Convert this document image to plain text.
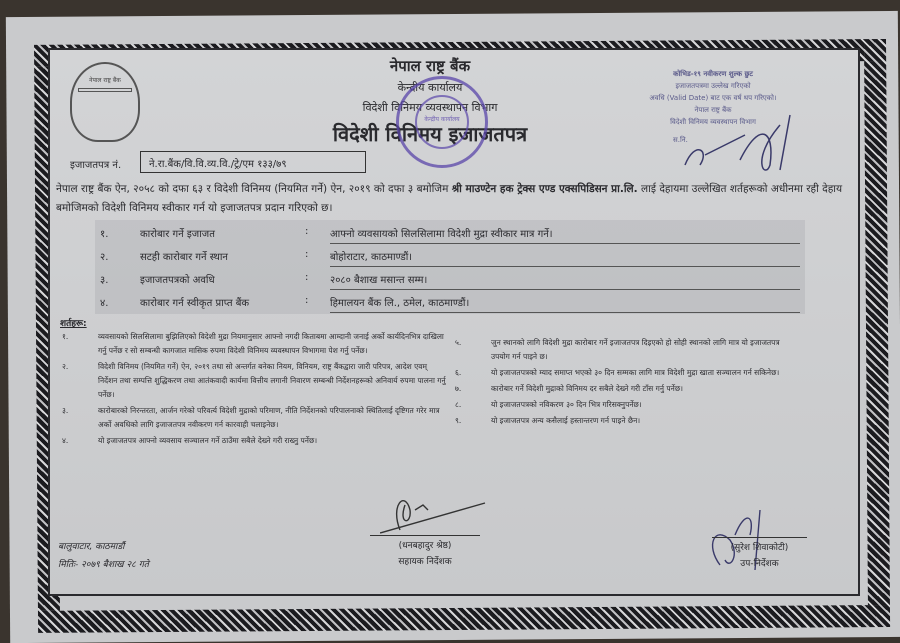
नेपाल राष्ट्र बैंक
नेपाल राष्ट्र बैंक
केन्द्रीय कार्यालय
विदेशी विनिमय व्यवस्थापन विभाग
विदेशी विनिमय इजाजतपत्र
केन्द्रीय कार्यालय
कोभिड-१९ नवीकरण शुल्क छुट
इजाजतपत्रमा उल्लेख गरिएको
अवधि (Valid Date) बाट एक वर्ष थप गरिएको।
नेपाल राष्ट्र बैंक
विदेशी विनिमय व्यवस्थापन विभाग
स.नि.
इजाजतपत्र नं.	ने.रा.बैंक/वि.वि.व्य.वि./ट्रे/एम १३३/७९
नेपाल राष्ट्र बैंक ऐन, २०५८ को दफा ६३ र विदेशी विनिमय (नियमित गर्ने) ऐन, २०१९ को दफा ३ बमोजिम श्री माउण्टेन हक ट्रेक्स एण्ड एक्सपिडिसन प्रा.लि. लाई देहायमा उल्लेखित शर्तहरूको अधीनमा रही देहाय बमोजिमको विदेशी विनिमय स्वीकार गर्न यो इजाजतपत्र प्रदान गरिएको छ।
१.	कारोबार गर्ने इजाजत	: आफ्नो व्यवसायको सिलसिलामा विदेशी मुद्रा स्वीकार मात्र गर्ने।
२.	सटही कारोबार गर्ने स्थान	: बोहोराटार, काठमाण्डौं।
३.	इजाजतपत्रको अवधि	: २०८० बैशाख मसान्त सम्म।
४.	कारोबार गर्न स्वीकृत प्राप्त बैंक	: हिमालयन बैंक लि., ठमेल, काठमाण्डौं।
शर्तहरू:
१.	व्यवसायको सिलसिलामा बुझिलिएको विदेशी मुद्रा नियमानुसार आफ्नो नगदी किताबमा आम्दानी जनाई अर्को कार्यदिनभित्र दाखिला गर्नु पर्नेछ र सो सम्बन्धी कागजात मासिक रुपमा विदेशी विनिमय व्यवस्थापन विभागमा पेश गर्नु पर्नेछ।
२.	विदेशी विनिमय (नियमित गर्ने) ऐन, २०१९ तथा सो अन्तर्गत बनेका नियम, विनियम, राष्ट्र बैंकद्वारा जारी परिपत्र, आदेश एवम् निर्देशन तथा सम्पत्ति शुद्धिकरण तथा आतंकवादी कार्यमा वित्तीय लगानी निवारण सम्बन्धी निर्देशनहरूको अनिवार्य रुपमा पालना गर्नु पर्नेछ।
३.	कारोबारको निरन्तरता, आर्जन गरेको परिवर्त्य विदेशी मुद्राको परिमाण, नीति निर्देशनको परिपालनाको स्थितिलाई दृष्टिगत गरेर मात्र अर्को अवधिको लागि इजाजतपत्र नवीकरण गर्न कारवाही चलाइनेछ।
४.	यो इजाजतपत्र आफ्नो व्यवसाय सञ्चालन गर्ने ठाउँमा सबैले देख्ने गरी राख्नु पर्नेछ।
५.	जुन स्थानको लागि विदेशी मुद्रा कारोबार गर्ने इजाजतपत्र दिइएको हो सोही स्थानको लागि मात्र यो इजाजतपत्र उपयोग गर्न पाइने छ।
६.	यो इजाजतपत्रको म्याद समाप्त भएको ३० दिन सम्मका लागि मात्र विदेशी मुद्रा खाता सञ्चालन गर्न सकिनेछ।
७.	कारोबार गर्ने विदेशी मुद्राको विनिमय दर सबैले देख्ने गरी टाँस गर्नु पर्नेछ।
८.	यो इजाजतपत्रको नविकरण ३० दिन भित्र गरिसक्नुपर्नेछ।
९.	यो इजाजतपत्र अन्य कसैलाई हस्तान्तरण गर्न पाइने छैन।
बालुवाटार, काठमाडौं
मितिः- २०७९ बैशाख २८ गते
(धनबहादुर श्रेष्ठ)
सहायक निर्देशक
(सुरेश शिवाकोटी)
उप-निर्देशक
